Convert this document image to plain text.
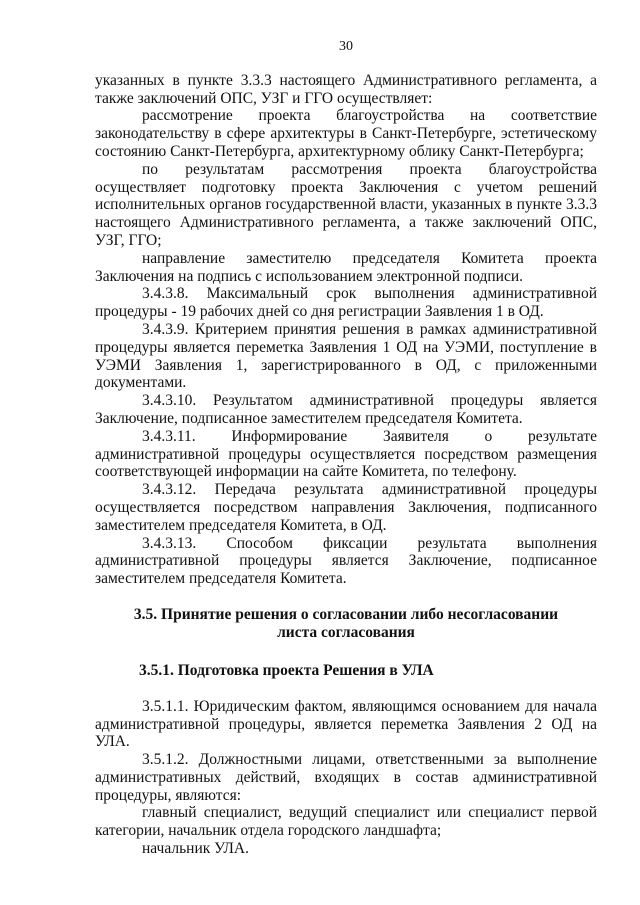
30

указанных в пункте 3.3.3 настоящего Административного регламента, а также заключений ОПС, УЗГ и ГГО осуществляет:

рассмотрение проекта благоустройства на соответствие законодательству в сфере архитектуры в Санкт-Петербурге, эстетическому состоянию Санкт-Петербурга, архитектурному облику Санкт-Петербурга;

по результатам рассмотрения проекта благоустройства осуществляет подготовку проекта Заключения с учетом решений исполнительных органов государственной власти, указанных в пункте 3.3.3 настоящего Административного регламента, а также заключений ОПС, УЗГ, ГГО;

направление заместителю председателя Комитета проекта Заключения на подпись с использованием электронной подписи.

3.4.3.8. Максимальный срок выполнения административной процедуры - 19 рабочих дней со дня регистрации Заявления 1 в ОД.

3.4.3.9. Критерием принятия решения в рамках административной процедуры является переметка Заявления 1 ОД на УЭМИ, поступление в УЭМИ Заявления 1, зарегистрированного в ОД, с приложенными документами.

3.4.3.10. Результатом административной процедуры является Заключение, подписанное заместителем председателя Комитета.

3.4.3.11. Информирование Заявителя о результате административной процедуры осуществляется посредством размещения соответствующей информации на сайте Комитета, по телефону.

3.4.3.12. Передача результата административной процедуры осуществляется посредством направления Заключения, подписанного заместителем председателя Комитета, в ОД.

3.4.3.13. Способом фиксации результата выполнения административной процедуры является Заключение, подписанное заместителем председателя Комитета.

3.5. Принятие решения о согласовании либо несогласовании
листа согласования

3.5.1. Подготовка проекта Решения в УЛА

3.5.1.1. Юридическим фактом, являющимся основанием для начала административной процедуры, является переметка Заявления 2 ОД на УЛА.

3.5.1.2. Должностными лицами, ответственными за выполнение административных действий, входящих в состав административной процедуры, являются:

главный специалист, ведущий специалист или специалист первой категории, начальник отдела городского ландшафта;

начальник УЛА.
